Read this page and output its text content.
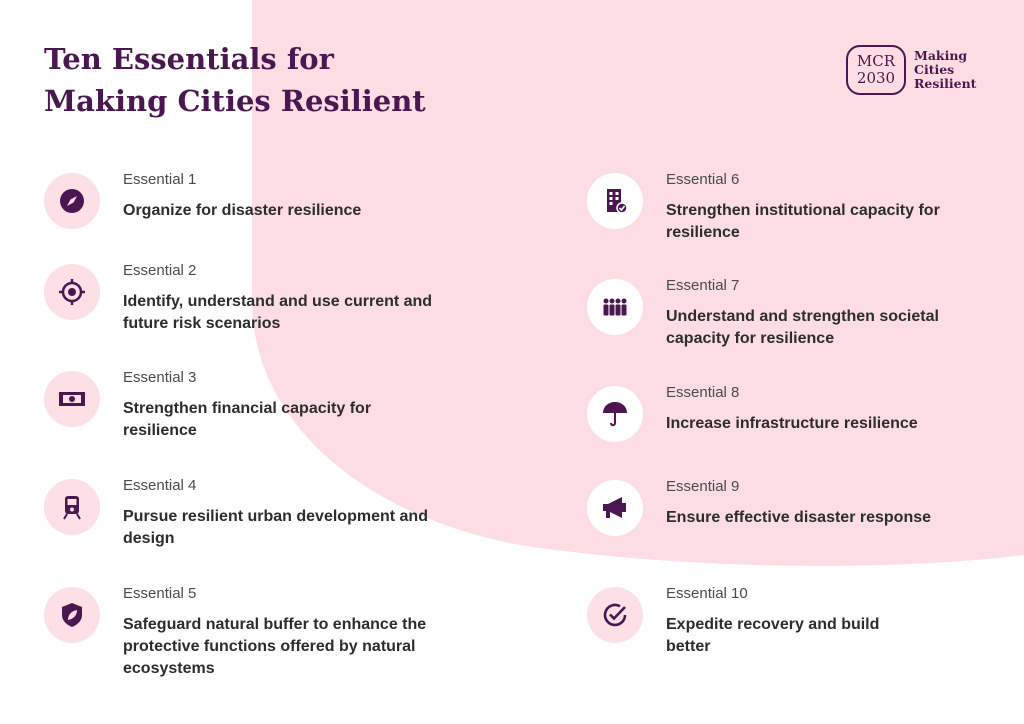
Ten Essentials for
Making Cities Resilient
MCR
2030
Making
Cities
Resilient
Essential 1
Organize for disaster resilience
Essential 2
Identify, understand and use current and future risk scenarios
Essential 3
Strengthen financial capacity for resilience
Essential 4
Pursue resilient urban development and design
Essential 5
Safeguard natural buffer to enhance the protective functions offered by natural ecosystems
Essential 6
Strengthen institutional capacity for resilience
Essential 7
Understand and strengthen societal capacity for resilience
Essential 8
Increase infrastructure resilience
Essential 9
Ensure effective disaster response
Essential 10
Expedite recovery and build better
